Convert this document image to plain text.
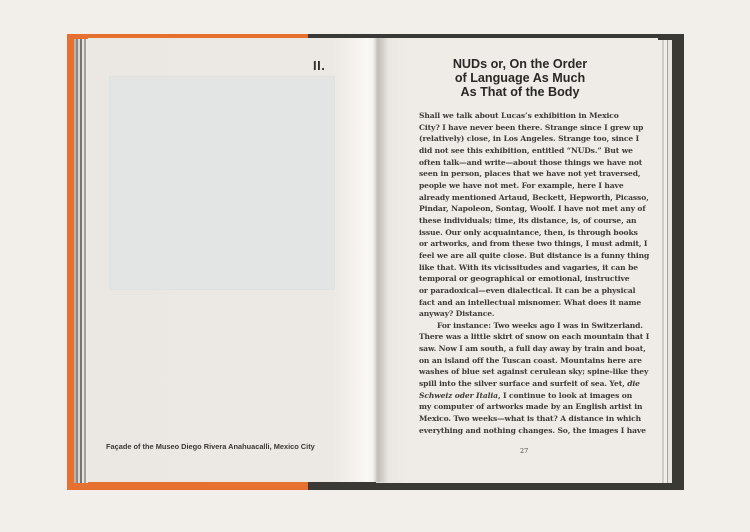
II.
Façade of the Museo Diego Rivera Anahuacalli, Mexico City
NUDs or, On the Order
of Language As Much
As That of the Body
Shall we talk about Lucas’s exhibition in Mexico
City? I have never been there. Strange since I grew up
(relatively) close, in Los Angeles. Strange too, since I
did not see this exhibition, entitled “NUDs.” But we
often talk—and write—about those things we have not
seen in person, places that we have not yet traversed,
people we have not met. For example, here I have
already mentioned Artaud, Beckett, Hepworth, Picasso,
Pindar, Napoleon, Sontag, Woolf. I have not met any of
these individuals; time, its distance, is, of course, an
issue. Our only acquaintance, then, is through books
or artworks, and from these two things, I must admit, I
feel we are all quite close. But distance is a funny thing
like that. With its vicissitudes and vagaries, it can be
temporal or geographical or emotional, instructive
or paradoxical—even dialectical. It can be a physical
fact and an intellectual misnomer. What does it name
anyway? Distance.
For instance: Two weeks ago I was in Switzerland.
There was a little skirt of snow on each mountain that I
saw. Now I am south, a full day away by train and boat,
on an island off the Tuscan coast. Mountains here are
washes of blue set against cerulean sky; spine-like they
spill into the silver surface and surfeit of sea. Yet, die
Schweiz oder Italia, I continue to look at images on
my computer of artworks made by an English artist in
Mexico. Two weeks—what is that? A distance in which
everything and nothing changes. So, the images I have
27
